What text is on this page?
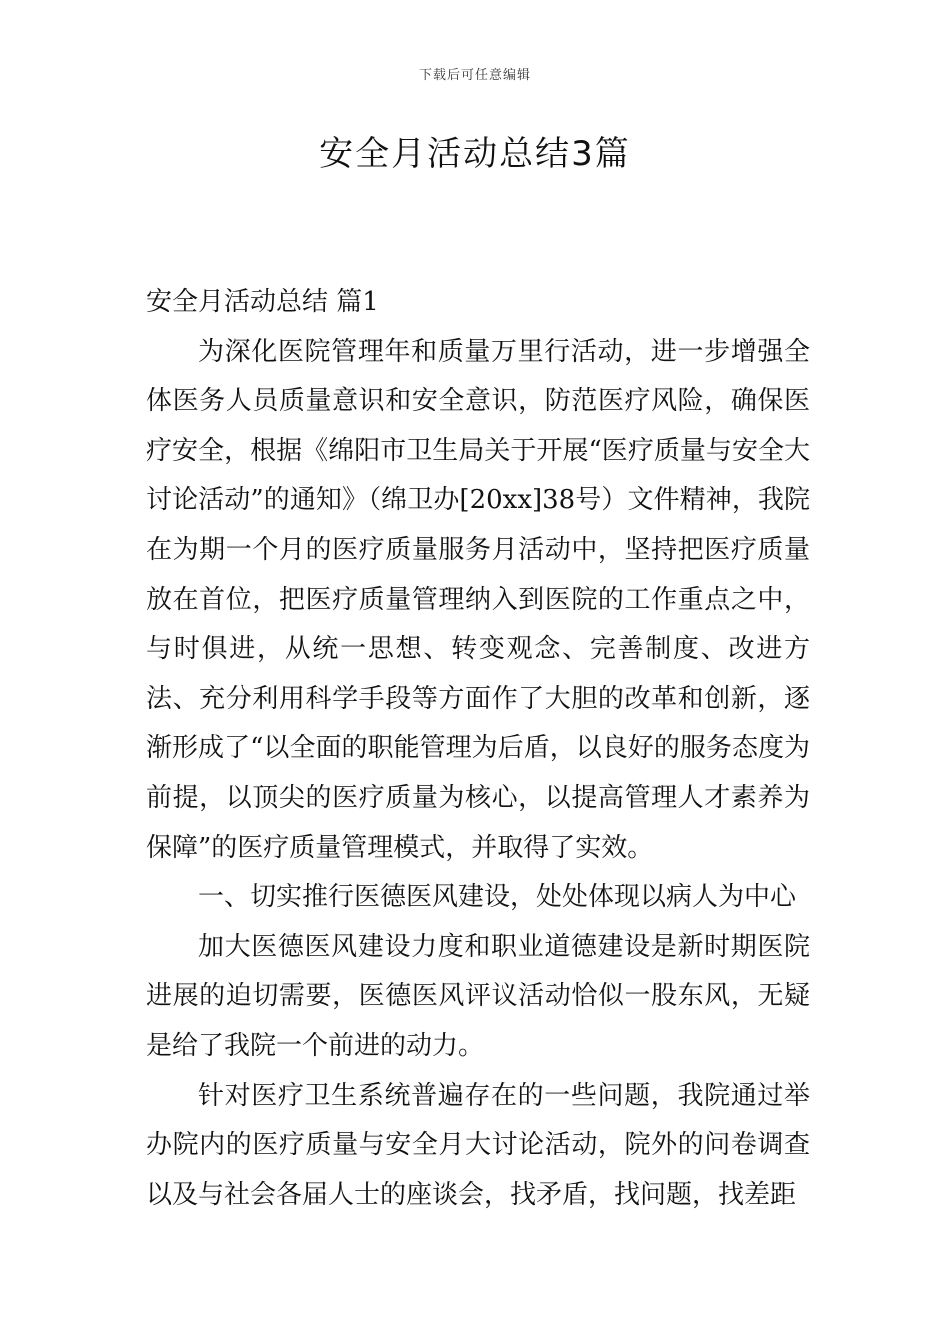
下载后可任意编辑
安全月活动总结3篇

安全月活动总结 篇1

为深化医院管理年和质量万里行活动，进一步增强全体医务人员质量意识和安全意识，防范医疗风险，确保医疗安全，根据《绵阳市卫生局关于开展“医疗质量与安全大讨论活动”的通知》（绵卫办[20xx]38号）文件精神，我院在为期一个月的医疗质量服务月活动中，坚持把医疗质量放在首位，把医疗质量管理纳入到医院的工作重点之中，与时俱进，从统一思想、转变观念、完善制度、改进方法、充分利用科学手段等方面作了大胆的改革和创新，逐渐形成了“以全面的职能管理为后盾，以良好的服务态度为前提，以顶尖的医疗质量为核心，以提高管理人才素养为保障”的医疗质量管理模式，并取得了实效。

一、切实推行医德医风建设，处处体现以病人为中心

加大医德医风建设力度和职业道德建设是新时期医院进展的迫切需要，医德医风评议活动恰似一股东风，无疑是给了我院一个前进的动力。

针对医疗卫生系统普遍存在的一些问题，我院通过举办院内的医疗质量与安全月大讨论活动，院外的问卷调查以及与社会各届人士的座谈会，找矛盾，找问题，找差距
